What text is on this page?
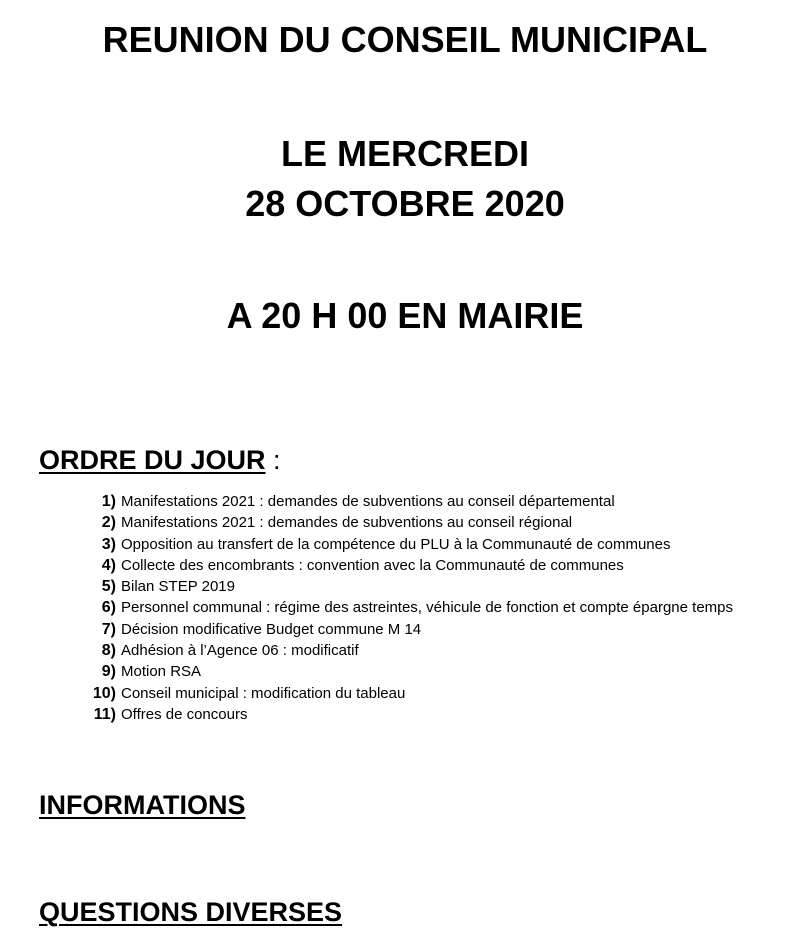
REUNION DU CONSEIL MUNICIPAL
LE MERCREDI
28 OCTOBRE 2020
A 20 H 00 EN MAIRIE
ORDRE DU JOUR :
1) Manifestations 2021 : demandes de subventions au conseil départemental
2) Manifestations 2021 : demandes de subventions au conseil régional
3) Opposition au transfert de la compétence du PLU à la Communauté de communes
4) Collecte des encombrants : convention avec la Communauté de communes
5) Bilan STEP 2019
6) Personnel communal : régime des astreintes, véhicule de fonction et compte épargne temps
7) Décision modificative Budget commune M 14
8) Adhésion à l’Agence 06 : modificatif
9) Motion RSA
10) Conseil municipal : modification du tableau
11) Offres de concours
INFORMATIONS
QUESTIONS DIVERSES
